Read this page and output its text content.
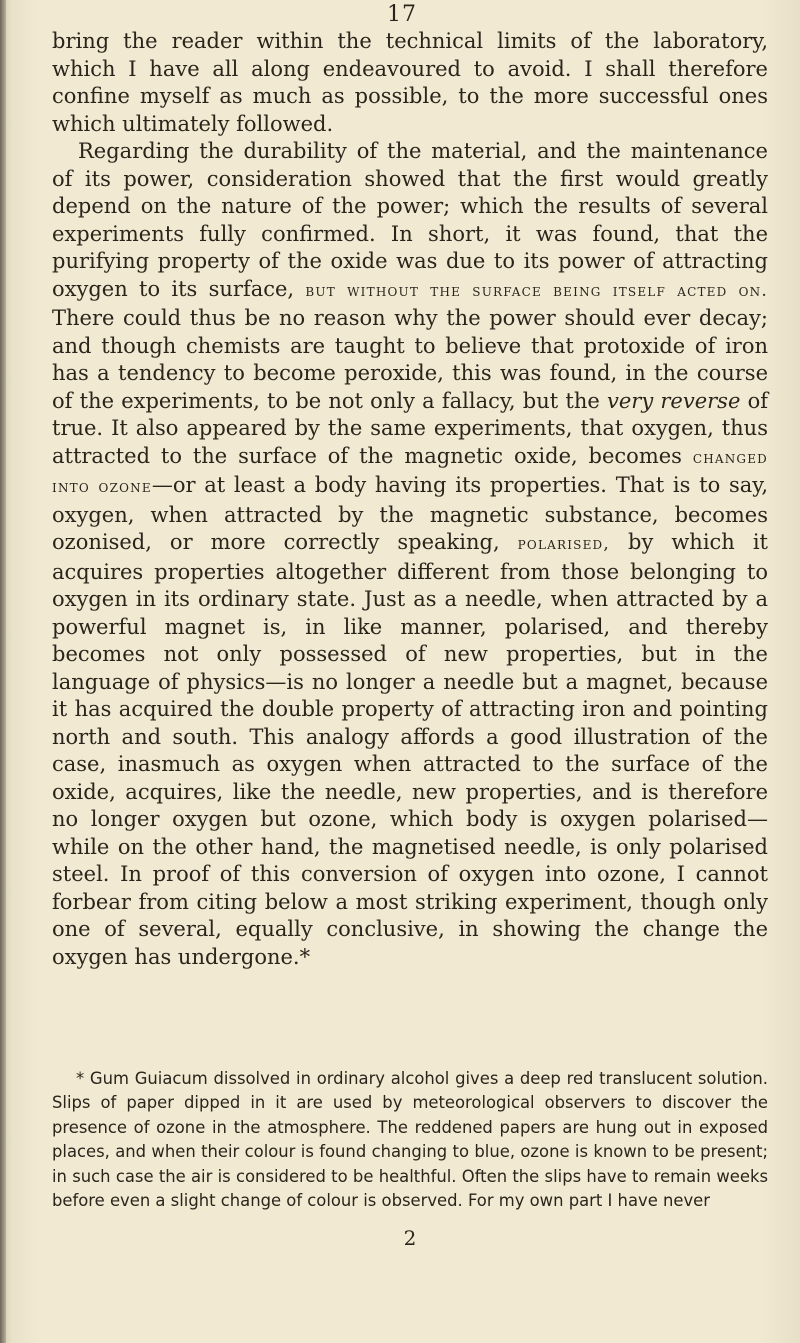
17

bring the reader within the technical limits of the laboratory, which I have all along endeavoured to avoid. I shall therefore confine myself as much as possible, to the more successful ones which ultimately followed.

Regarding the durability of the material, and the maintenance of its power, consideration showed that the first would greatly depend on the nature of the power; which the results of several experiments fully confirmed. In short, it was found, that the purifying property of the oxide was due to its power of attracting oxygen to its surface, but without the surface being itself acted on. There could thus be no reason why the power should ever decay; and though chemists are taught to believe that protoxide of iron has a tendency to become peroxide, this was found, in the course of the experiments, to be not only a fallacy, but the very reverse of true. It also appeared by the same experiments, that oxygen, thus attracted to the surface of the magnetic oxide, becomes changed into ozone—or at least a body having its properties. That is to say, oxygen, when attracted by the magnetic substance, becomes ozonised, or more correctly speaking, polarised, by which it acquires properties altogether different from those belonging to oxygen in its ordinary state. Just as a needle, when attracted by a powerful magnet is, in like manner, polarised, and thereby becomes not only possessed of new properties, but in the language of physics—is no longer a needle but a magnet, because it has acquired the double property of attracting iron and pointing north and south. This analogy affords a good illustration of the case, inasmuch as oxygen when attracted to the surface of the oxide, acquires, like the needle, new properties, and is therefore no longer oxygen but ozone, which body is oxygen polarised—while on the other hand, the magnetised needle, is only polarised steel. In proof of this conversion of oxygen into ozone, I cannot forbear from citing below a most striking experiment, though only one of several, equally conclusive, in showing the change the oxygen has undergone.*

* Gum Guiacum dissolved in ordinary alcohol gives a deep red translucent solution. Slips of paper dipped in it are used by meteorological observers to discover the presence of ozone in the atmosphere. The reddened papers are hung out in exposed places, and when their colour is found changing to blue, ozone is known to be present; in such case the air is considered to be healthful. Often the slips have to remain weeks before even a slight change of colour is observed. For my own part I have never
2
